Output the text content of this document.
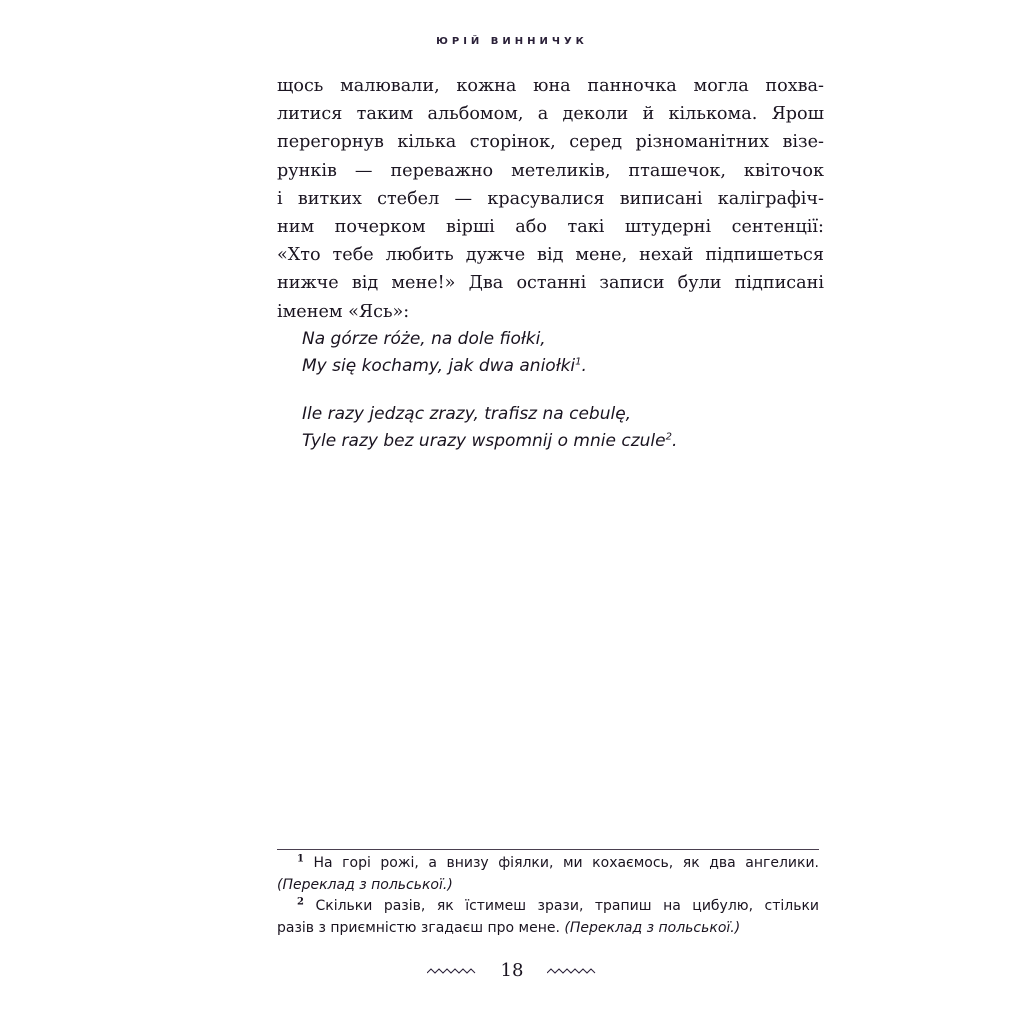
ЮРІЙ ВИННИЧУК
щось малювали, кожна юна панночка могла похва-
литися таким альбомом, а деколи й кількома. Ярош
перегорнув кілька сторінок, серед різноманітних візе-
рунків — переважно метеликів, пташечок, квіточок
і витких стебел — красувалися виписані каліграфіч-
ним почерком вірші або такі штудерні сентенції:
«Хто тебе любить дужче від мене, нехай підпишеться
нижче від мене!» Два останні записи були підписані
іменем «Ясь»:
Na górze róże, na dole fiołki,
My się kochamy, jak dwa aniołki$^1$.
Ile razy jedząc zrazy, trafisz na cebulę,
Tyle razy bez urazy wspomnij o mnie czule$^2$.
$^1$ На горі рожі, а внизу фіялки, ми кохаємось, як два ангелики.
(Переклад з польської.)
$^2$ Скільки разів, як їстимеш зрази, трапиш на цибулю, стільки
разів з приємністю згадаєш про мене. (Переклад з польської.)
18
